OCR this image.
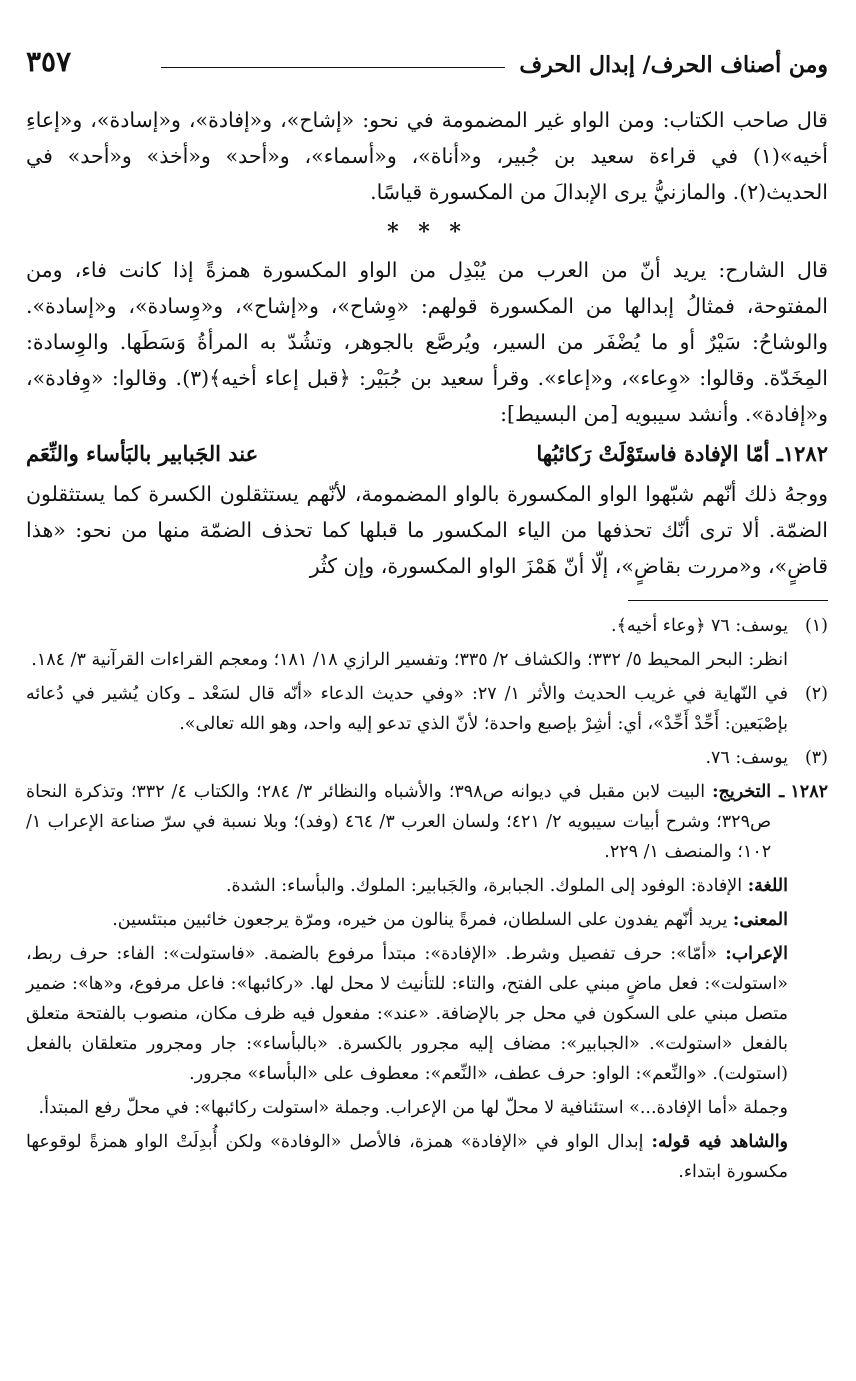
ومن أصناف الحرف/ إبدال الحرف
٣٥٧

قال صاحب الكتاب: ومن الواو غير المضمومة في نحو: «إشاح»، و«إفادة»، و«إسادة»، و«إعاءِ أخيه»(١) في قراءة سعيد بن جُبير، و«أناة»، و«أسماء»، و«أحد» و«أخذ» و«أحد» في الحديث(٢). والمازنيُّ يرى الإبدالَ من المكسورة قياسًا.

* * *

قال الشارح: يريد أنّ من العرب من يُبْدِل من الواو المكسورة همزةً إذا كانت فاء، ومن المفتوحة، فمثالُ إبدالها من المكسورة قولهم: «وِشاح»، و«إشاح»، و«وِسادة»، و«إسادة». والوشاحُ: سَيْرٌ أو ما يُضْفَر من السير، ويُرصَّع بالجوهر، وتشُدّ به المرأةُ وَسَطَها. والوِسادة: المِخَدّة. وقالوا: «وِعاء»، و«إعاء». وقرأ سعيد بن جُبَيْر: ﴿قبل إعاء أخيه﴾(٣). وقالوا: «وِفادة»، و«إفادة». وأنشد سيبويه [من البسيط]:

١٢٨٢ـ أمّا الإفادة فاستَوْلَتْ رَكائبُها
عند الجَبابير بالبَأساء والنِّعَم

ووجهُ ذلك أنّهم شبّهوا الواو المكسورة بالواو المضمومة، لأنّهم يستثقلون الكسرة كما يستثقلون الضمّة. ألا ترى أنّك تحذفها من الياء المكسور ما قبلها كما تحذف الضمّة منها من نحو: «هذا قاضٍ»، و«مررت بقاضٍ»، إلّا أنّ هَمْزَ الواو المكسورة، وإن كثُر

(١)
يوسف: ٧٦ ﴿وعاء أخيه﴾.
انظر: البحر المحيط ٥/ ٣٣٢؛ والكشاف ٢/ ٣٣٥؛ وتفسير الرازي ١٨/ ١٨١؛ ومعجم القراءات القرآنية ٣/ ١٨٤.
(٢)
في النّهاية في غريب الحديث والأثر ١/ ٢٧: «وفي حديث الدعاء «أنّه قال لسَعْد ـ وكان يُشير في دُعائه بإصْبَعين: أَحِّدْ أَحِّدْ»، أي: أشِرْ بإصبع واحدة؛ لأنّ الذي تدعو إليه واحد، وهو الله تعالى».
(٣)
يوسف: ٧٦.
١٢٨٢ ـ
التخريج: البيت لابن مقبل في ديوانه ص٣٩٨؛ والأشباه والنظائر ٣/ ٢٨٤؛ والكتاب ٤/ ٣٣٢؛ وتذكرة النحاة ص٣٢٩؛ وشرح أبيات سيبويه ٢/ ٤٢١؛ ولسان العرب ٣/ ٤٦٤ (وفد)؛ وبلا نسبة في سرّ صناعة الإعراب ١/ ١٠٢؛ والمنصف ١/ ٢٢٩.
اللغة: الإفادة: الوفود إلى الملوك. الجبابرة، والجَبابير: الملوك. والبأساء: الشدة.
المعنى: يريد أنّهم يفدون على السلطان، فمرةً ينالون من خيره، ومرّة يرجعون خائبين مبتئسين.
الإعراب: «أمّا»: حرف تفصيل وشرط. «الإفادة»: مبتدأ مرفوع بالضمة. «فاستولت»: الفاء: حرف ربط، «استولت»: فعل ماضٍ مبني على الفتح، والتاء: للتأنيث لا محل لها. «ركائبها»: فاعل مرفوع، و«ها»: ضمير متصل مبني على السكون في محل جر بالإضافة. «عند»: مفعول فيه ظرف مكان، منصوب بالفتحة متعلق بالفعل «استولت». «الجبابير»: مضاف إليه مجرور بالكسرة. «بالبأساء»: جار ومجرور متعلقان بالفعل (استولت). «والنِّعم»: الواو: حرف عطف، «النِّعم»: معطوف على «البأساء» مجرور.
وجملة «أما الإفادة...» استئنافية لا محلّ لها من الإعراب. وجملة «استولت ركائبها»: في محلّ رفع المبتدأ.
والشاهد فيه قوله: إبدال الواو في «الإفادة» همزة، فالأصل «الوفادة» ولكن أُبدِلَتْ الواو همزةً لوقوعها مكسورة ابتداء.
